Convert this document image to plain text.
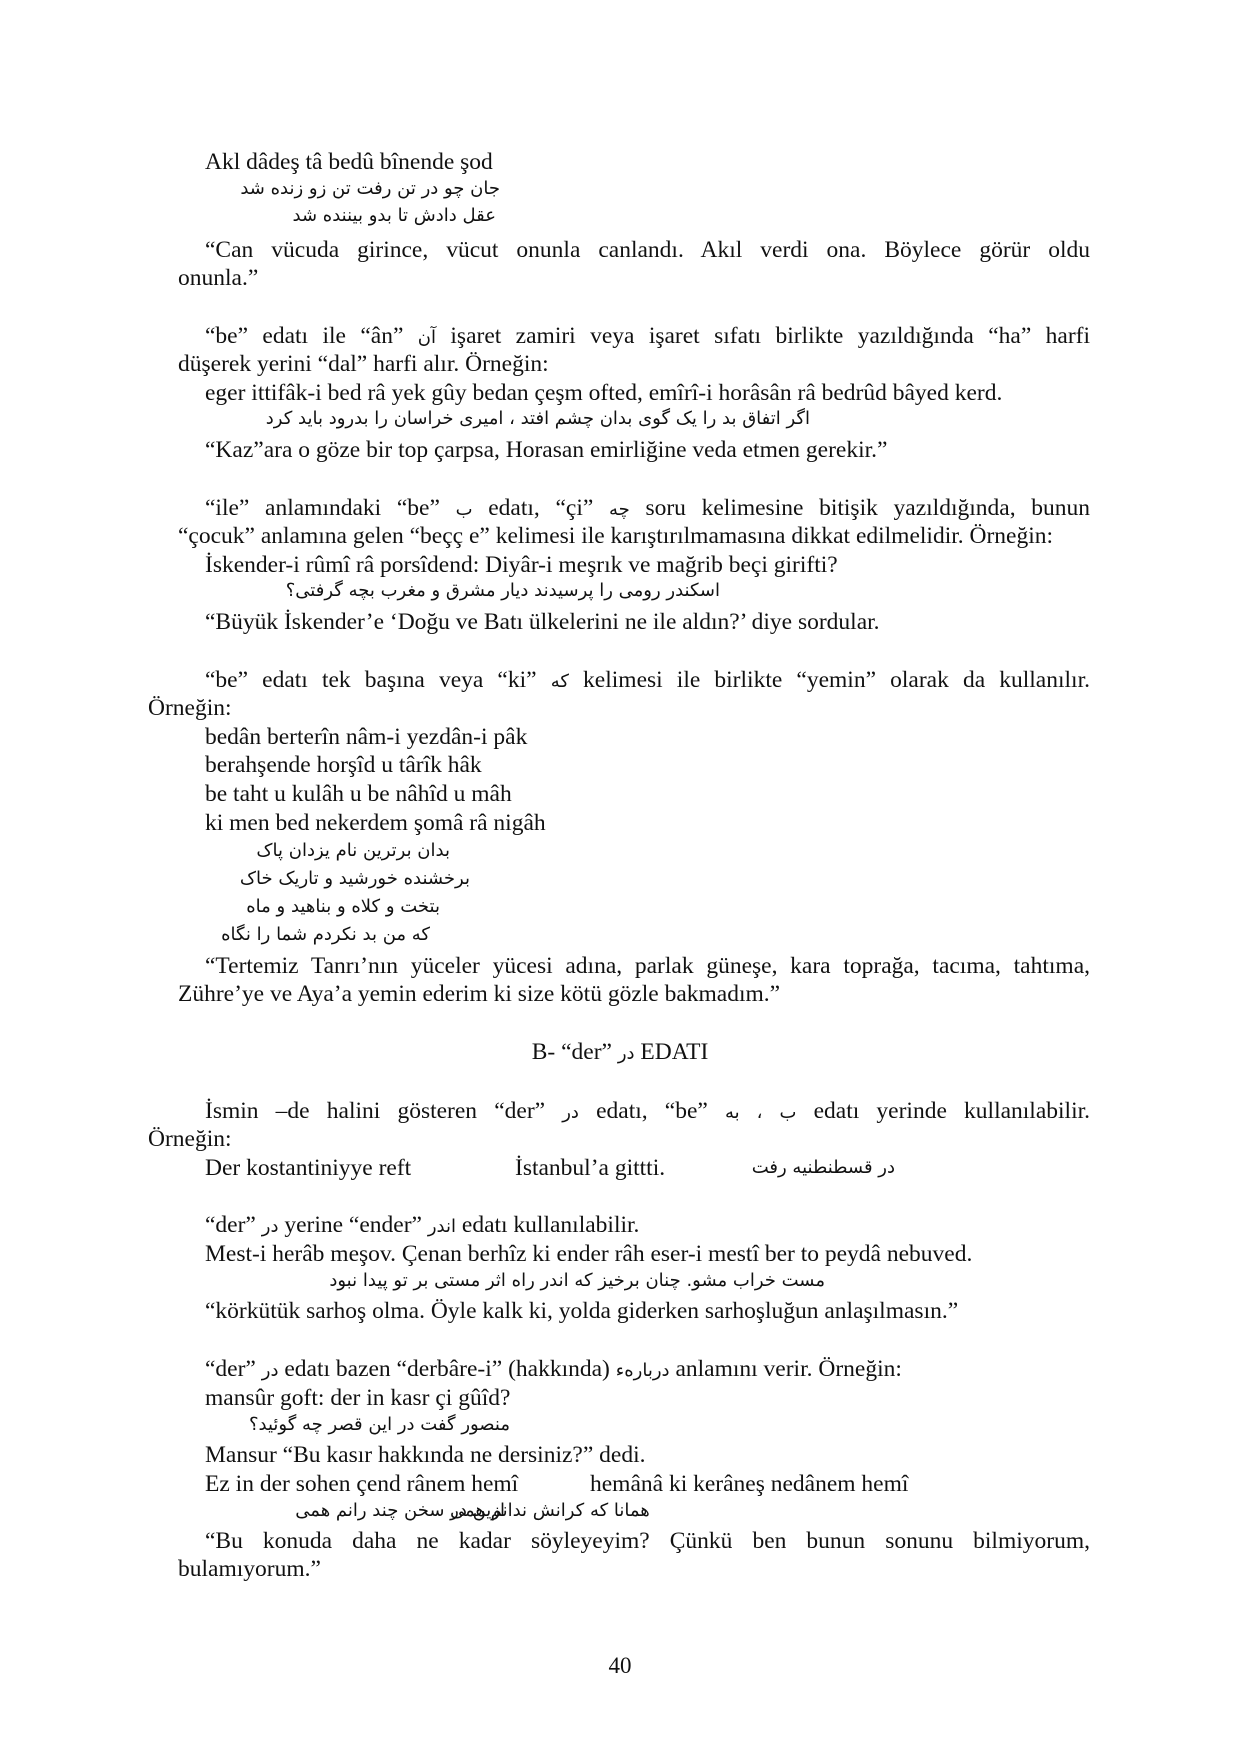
Akl dâdeş tâ bedû bînende şod
جان چو در تن رفت تن زو زنده شد
عقل دادش تا بدو بیننده شد
“Can vücuda girince, vücut onunla canlandı. Akıl verdi ona. Böylece görür oldu
onunla.”
“be” edatı ile “ân” آن işaret zamiri veya işaret sıfatı birlikte yazıldığında “ha” harfi
düşerek yerini “dal” harfi alır. Örneğin:
eger ittifâk-i bed râ yek gûy bedan çeşm ofted, emîrî-i horâsân râ bedrûd bâyed kerd.
اگر اتفاق بد را یک گوی بدان چشم افتد ، امیری خراسان را بدرود باید کرد
“Kaz”ara o göze bir top çarpsa, Horasan emirliğine veda etmen gerekir.”
“ile” anlamındaki “be” ب edatı, “çi” چه soru kelimesine bitişik yazıldığında, bunun
“çocuk” anlamına gelen “beçç e” kelimesi ile karıştırılmamasına dikkat edilmelidir. Örneğin:
İskender-i rûmî râ porsîdend: Diyâr-i meşrık ve mağrib beçi girifti?
اسکندر رومی را پرسیدند دیار مشرق و مغرب بچه گرفتی؟
“Büyük İskender’e ‘Doğu ve Batı ülkelerini ne ile aldın?’ diye sordular.
“be” edatı tek başına veya “ki” که kelimesi ile birlikte “yemin” olarak da kullanılır.
Örneğin:
bedân berterîn nâm-i yezdân-i pâk
berahşende horşîd u târîk hâk
be taht u kulâh u be nâhîd u mâh
ki men bed nekerdem şomâ râ nigâh
بدان برترین نام یزدان پاک
برخشنده خورشید و تاریک خاک
بتخت و کلاه و بناهید و ماه
که من بد نکردم شما را نگاه
“Tertemiz Tanrı’nın yüceler yücesi adına, parlak güneşe, kara toprağa, tacıma, tahtıma,
Zühre’ye ve Aya’a yemin ederim ki size kötü gözle bakmadım.”
B- “der” در EDATI
İsmin –de halini gösteren “der” در edatı, “be” ب ، به edatı yerinde kullanılabilir.
Örneğin:
Der kostantiniyye reft	İstanbul’a gittti.	در قسطنطنیه رفت
“der” در yerine “ender” اندر edatı kullanılabilir.
Mest-i herâb meşov. Çenan berhîz ki ender râh eser-i mestî ber to peydâ nebuved.
مست خراب مشو. چنان برخیز که اندر راه اثر مستی بر تو پیدا نبود
“körkütük sarhoş olma. Öyle kalk ki, yolda giderken sarhoşluğun anlaşılmasın.”
“der” در edatı bazen “derbâre-i” (hakkında) دربارهء anlamını verir. Örneğin:
mansûr goft: der in kasr çi gûîd?
منصور گفت در این قصر چه گوئید؟
Mansur “Bu kasır hakkında ne dersiniz?” dedi.
Ez in der sohen çend rânem hemî	hemânâ ki kerâneş nedânem hemî
ازین در سخن چند رانم همی
همانا که کرانش ندانم همی
“Bu konuda daha ne kadar söyleyeyim? Çünkü ben bunun sonunu bilmiyorum,
bulamıyorum.”
40
